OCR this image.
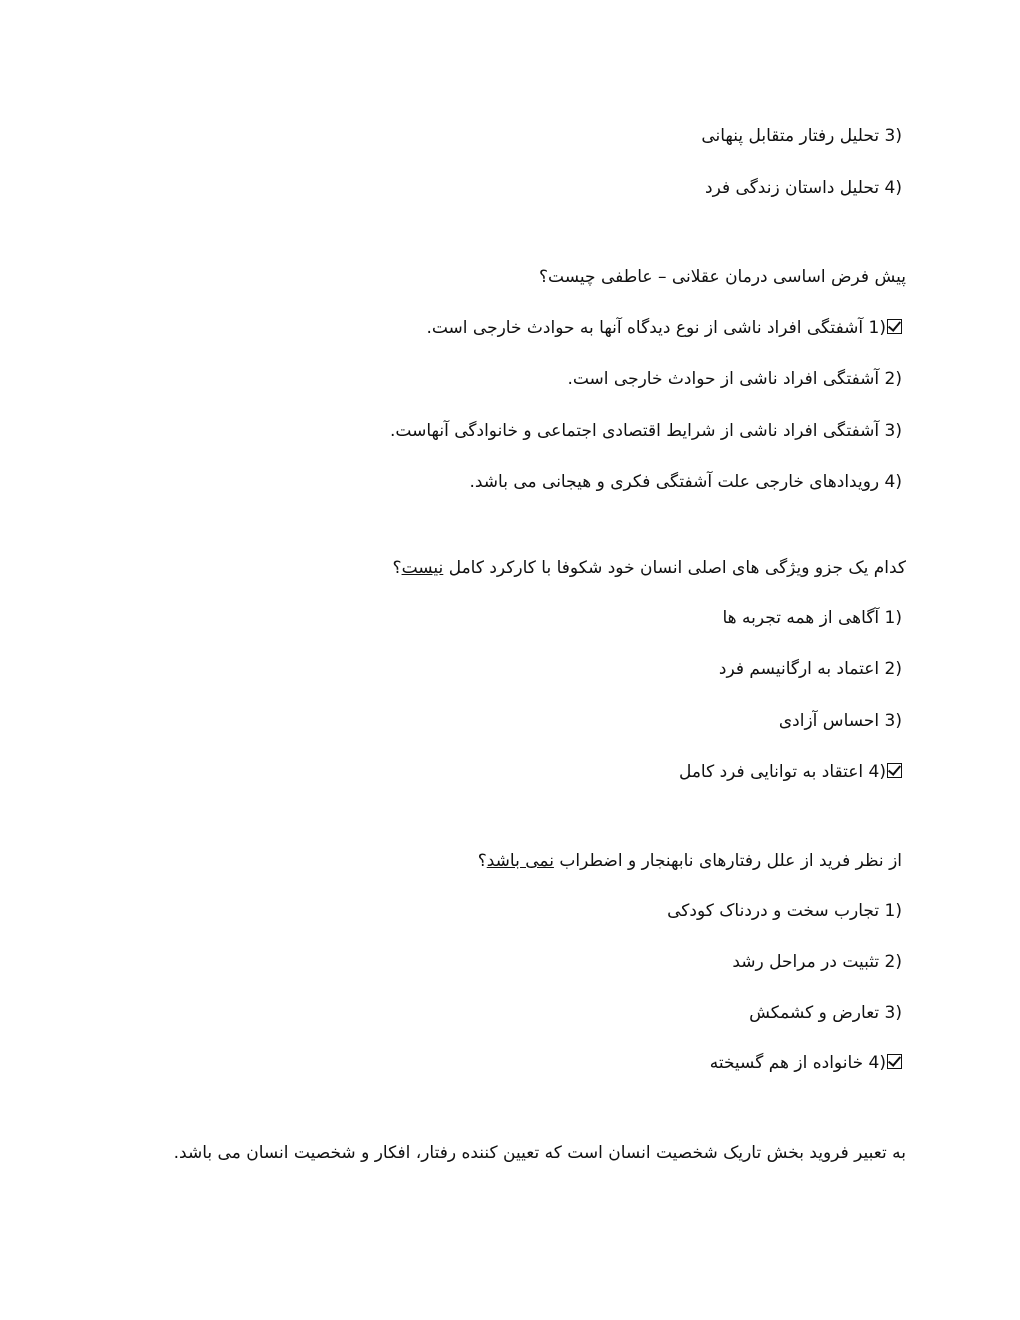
3) تحلیل رفتار متقابل پنهانی
4) تحلیل داستان زندگی فرد
پیش فرض اساسی درمان عقلانی – عاطفی چیست؟
1) آشفتگی افراد ناشی از نوع دیدگاه آنها به حوادث خارجی است.
2) آشفتگی افراد ناشی از حوادث خارجی است.
3) آشفتگی افراد ناشی از شرایط اقتصادی اجتماعی و خانوادگی آنهاست.
4) رویدادهای خارجی علت آشفتگی فکری و هیجانی می باشد.
کدام یک جزو ویژگی های اصلی انسان خود شکوفا با کارکرد کامل نیست؟
1) آگاهی از همه تجربه ها
2) اعتماد به ارگانیسم فرد
3) احساس آزادی
4) اعتقاد به توانایی فرد کامل
از نظر فرید از علل رفتارهای نابهنجار و اضطراب نمی باشد؟
1) تجارب سخت و دردناک کودکی
2) تثبیت در مراحل رشد
3) تعارض و کشمکش
4) خانواده از هم گسیخته
به تعبیر فروید بخش تاریک شخصیت انسان است که تعیین کننده رفتار، افکار و شخصیت انسان می باشد.
